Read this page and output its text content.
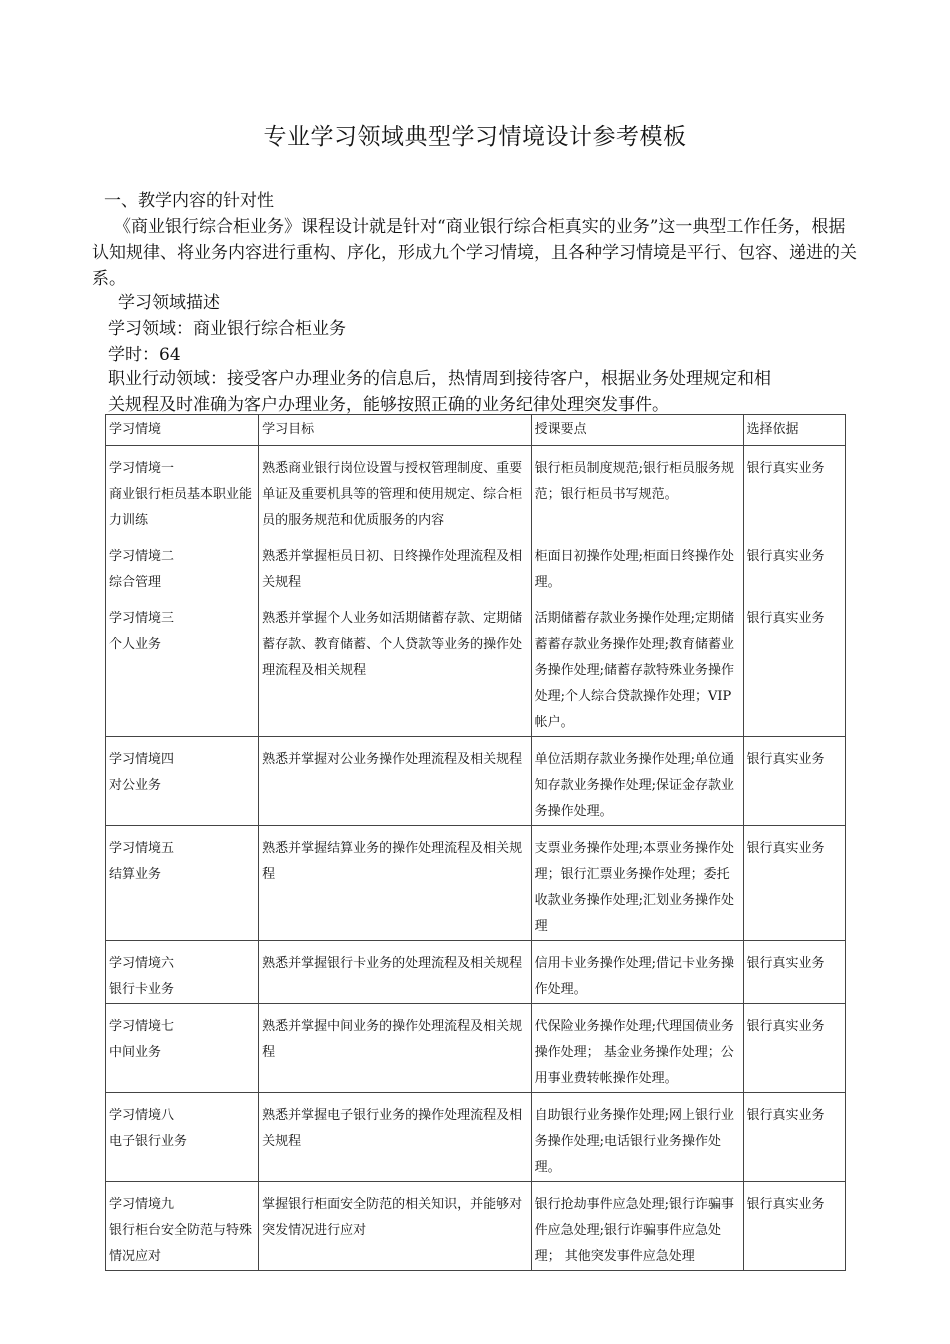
专业学习领域典型学习情境设计参考模板
一、教学内容的针对性
《商业银行综合柜业务》课程设计就是针对“商业银行综合柜真实的业务”这一典型工作任务，根据认知规律、将业务内容进行重构、序化，形成九个学习情境，且各种学习情境是平行、包容、递进的关系。
学习领域描述
学习领域：商业银行综合柜业务
学时：64
职业行动领域：接受客户办理业务的信息后，热情周到接待客户，根据业务处理规定和相
关规程及时准确为客户办理业务，能够按照正确的业务纪律处理突发事件。
学习情境	学习目标	授课要点	选择依据

学习情境一
商业银行柜员基本职业能力训练	熟悉商业银行岗位设置与授权管理制度、重要单证及重要机具等的管理和使用规定、综合柜员的服务规范和优质服务的内容	银行柜员制度规范;银行柜员服务规范；银行柜员书写规范。	银行真实业务

学习情境二
综合管理	熟悉并掌握柜员日初、日终操作处理流程及相关规程	柜面日初操作处理;柜面日终操作处理。	银行真实业务

学习情境三
个人业务	熟悉并掌握个人业务如活期储蓄存款、定期储蓄存款、教育储蓄、个人贷款等业务的操作处理流程及相关规程	活期储蓄存款业务操作处理;定期储蓄蓄存款业务操作处理;教育储蓄业务操作处理;储蓄存款特殊业务操作处理;个人综合贷款操作处理；VIP帐户。	银行真实业务

学习情境四
对公业务	熟悉并掌握对公业务操作处理流程及相关规程	单位活期存款业务操作处理;单位通知存款业务操作处理;保证金存款业务操作处理。	银行真实业务

学习情境五
结算业务	熟悉并掌握结算业务的操作处理流程及相关规程	支票业务操作处理;本票业务操作处理；银行汇票业务操作处理；委托收款业务操作处理;汇划业务操作处理	银行真实业务

学习情境六
银行卡业务	熟悉并掌握银行卡业务的处理流程及相关规程	信用卡业务操作处理;借记卡业务操作处理。	银行真实业务

学习情境七
中间业务	熟悉并掌握中间业务的操作处理流程及相关规程	代保险业务操作处理;代理国债业务操作处理； 基金业务操作处理；公用事业费转帐操作处理。	银行真实业务

学习情境八
电子银行业务	熟悉并掌握电子银行业务的操作处理流程及相关规程	自助银行业务操作处理;网上银行业务操作处理;电话银行业务操作处理。	银行真实业务

学习情境九
银行柜台安全防范与特殊情况应对	掌握银行柜面安全防范的相关知识，并能够对突发情况进行应对	银行抢劫事件应急处理;银行诈骗事件应急处理;银行诈骗事件应急处理； 其他突发事件应急处理	银行真实业务
